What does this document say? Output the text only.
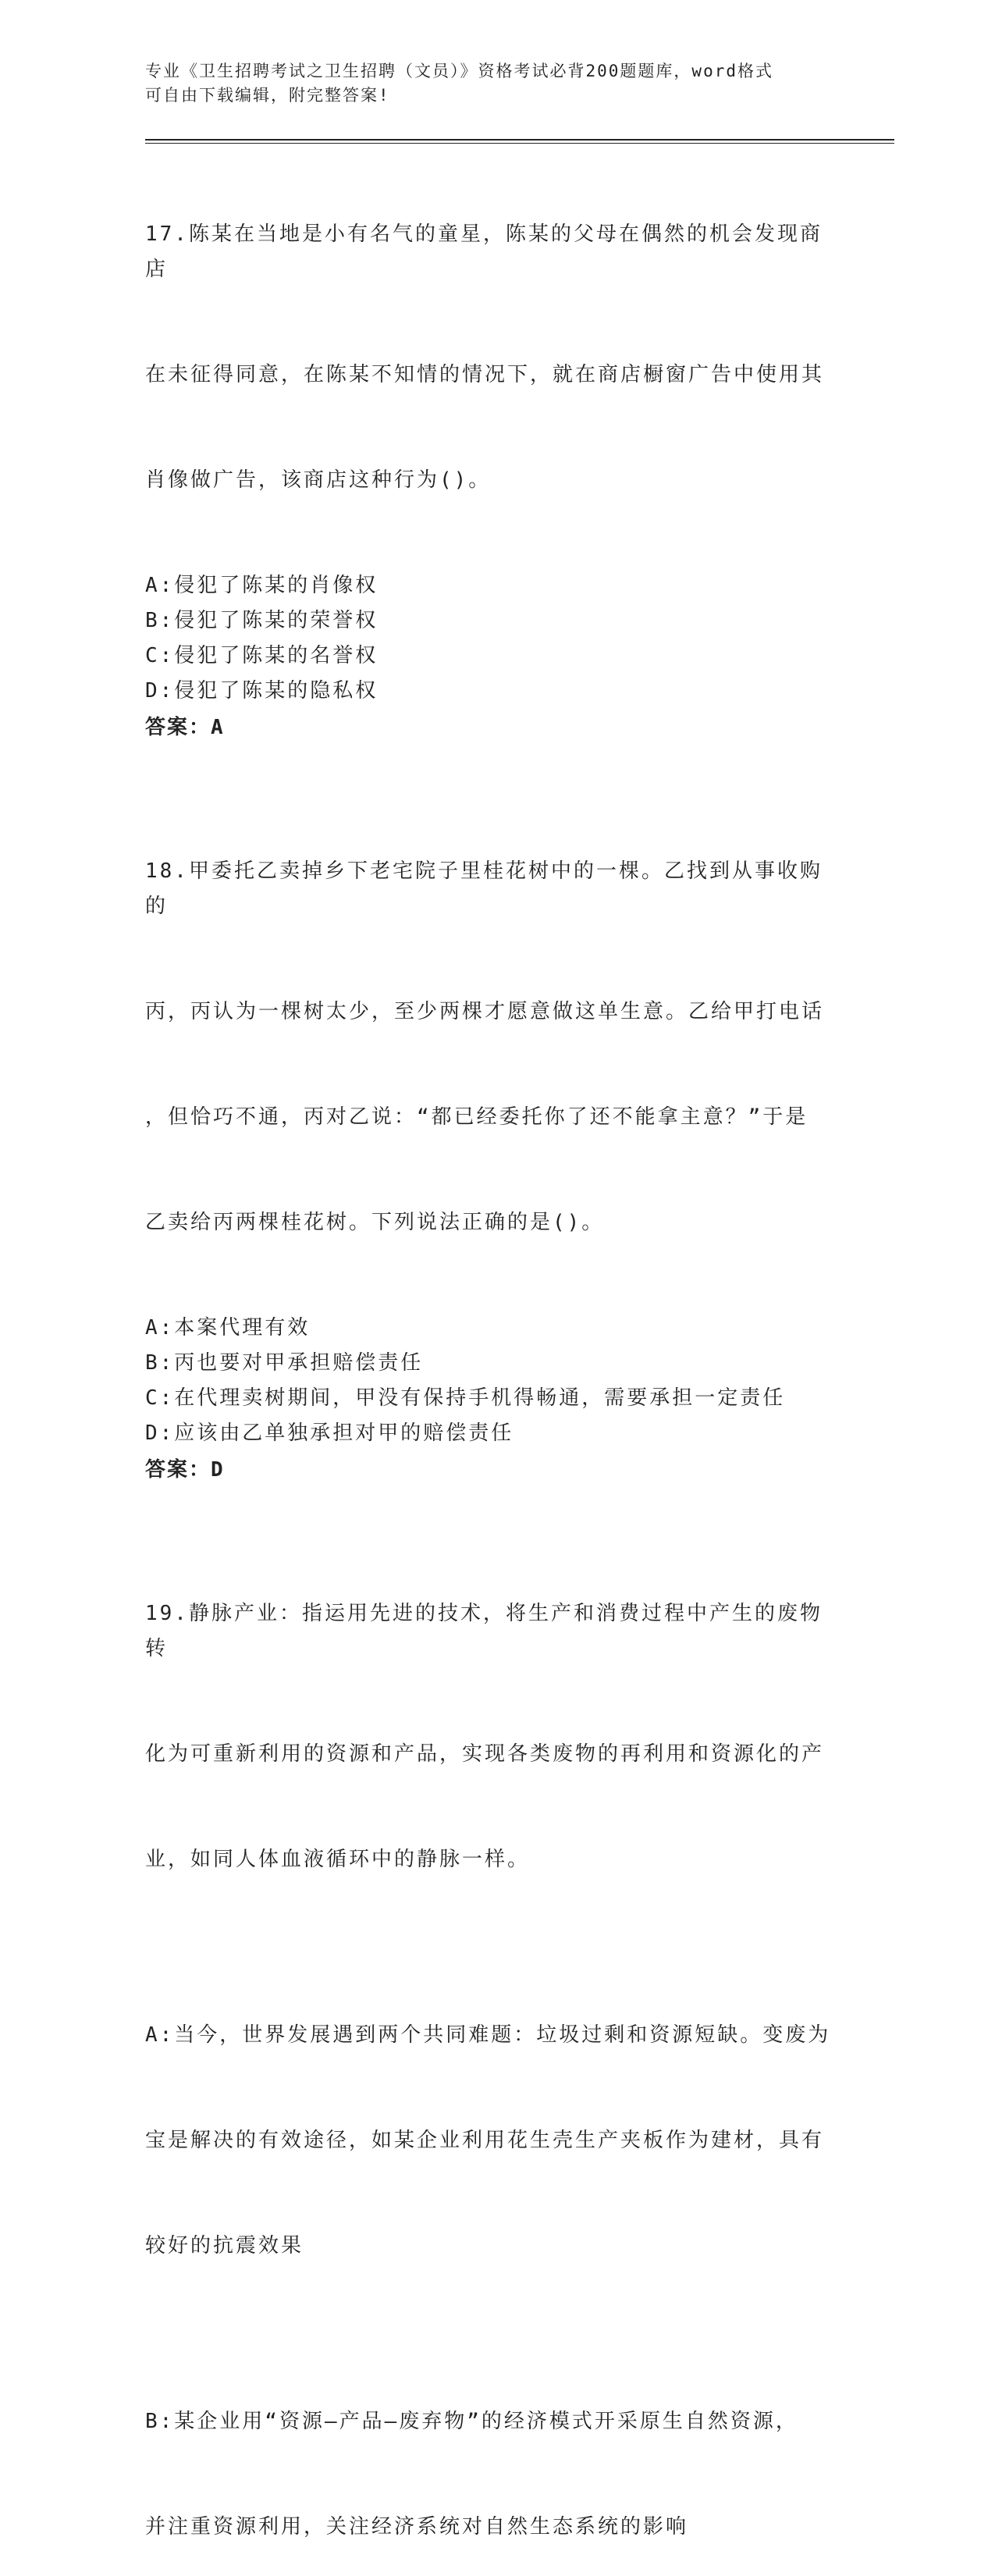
专业《卫生招聘考试之卫生招聘（文员）》资格考试必背200题题库，word格式
可自由下载编辑，附完整答案!

17.陈某在当地是小有名气的童星，陈某的父母在偶然的机会发现商店

在未征得同意，在陈某不知情的情况下，就在商店橱窗广告中使用其

肖像做广告，该商店这种行为()。

A:侵犯了陈某的肖像权
B:侵犯了陈某的荣誉权
C:侵犯了陈某的名誉权
D:侵犯了陈某的隐私权
答案：A

18.甲委托乙卖掉乡下老宅院子里桂花树中的一棵。乙找到从事收购的

丙，丙认为一棵树太少，至少两棵才愿意做这单生意。乙给甲打电话

，但恰巧不通，丙对乙说：“都已经委托你了还不能拿主意？”于是

乙卖给丙两棵桂花树。下列说法正确的是()。

A:本案代理有效
B:丙也要对甲承担赔偿责任
C:在代理卖树期间，甲没有保持手机得畅通，需要承担一定责任
D:应该由乙单独承担对甲的赔偿责任
答案：D

19.静脉产业：指运用先进的技术，将生产和消费过程中产生的废物转

化为可重新利用的资源和产品，实现各类废物的再利用和资源化的产

业，如同人体血液循环中的静脉一样。

A:当今，世界发展遇到两个共同难题：垃圾过剩和资源短缺。变废为

宝是解决的有效途径，如某企业利用花生壳生产夹板作为建材，具有

较好的抗震效果

B:某企业用“资源—产品—废弃物”的经济模式开采原生自然资源，

并注重资源利用，关注经济系统对自然生态系统的影响
